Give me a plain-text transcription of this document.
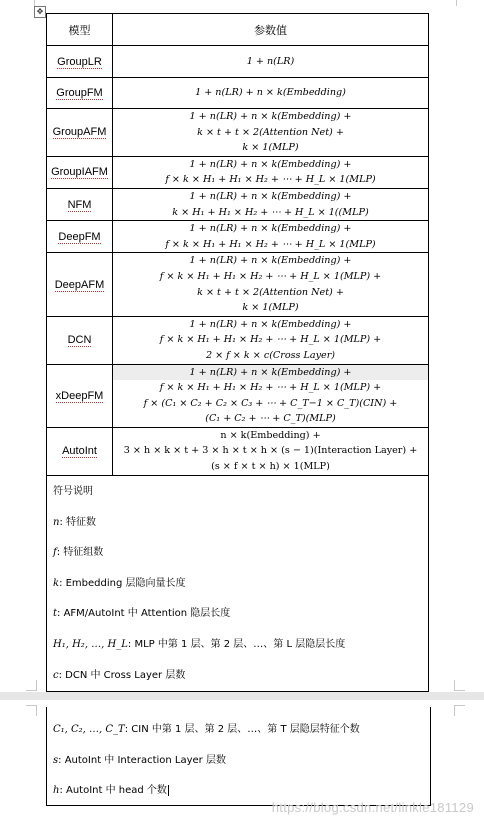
✥
模型	参数值
GroupLR	1 + n(LR)

GroupFM	1 + n(LR) + n × k(Embedding)

GroupAFM	1 + n(LR) + n × k(Embedding) +
k × t + t × 2(Attention Net) +
k × 1(MLP)

GroupIAFM	1 + n(LR) + n × k(Embedding) +
f × k × H₁ + H₁ × H₂ + ⋯ + H_L × 1(MLP)

NFM	1 + n(LR) + n × k(Embedding) +
k × H₁ + H₁ × H₂ + ⋯ + H_L × 1((MLP)

DeepFM	1 + n(LR) + n × k(Embedding) +
f × k × H₁ + H₁ × H₂ + ⋯ + H_L × 1(MLP)

DeepAFM	1 + n(LR) + n × k(Embedding) +
f × k × H₁ + H₁ × H₂ + ⋯ + H_L × 1(MLP) +
k × t + t × 2(Attention Net) +
k × 1(MLP)

DCN	1 + n(LR) + n × k(Embedding) +
f × k × H₁ + H₁ × H₂ + ⋯ + H_L × 1(MLP) +
2 × f × k × c(Cross Layer)

xDeepFM	1 + n(LR) + n × k(Embedding) +
f × k × H₁ + H₁ × H₂ + ⋯ + H_L × 1(MLP) +
f × (C₁ × C₂ + C₂ × C₃ + ⋯ + C_T−1 × C_T)(CIN) +
(C₁ + C₂ + ⋯ + C_T)(MLP)

AutoInt	n × k(Embedding) +
3 × h × k × t + 3 × h × t × h × (s − 1)(Interaction Layer) +
(s × f × t × h) × 1(MLP)

符号说明
n: 特征数
f: 特征组数
k: Embedding 层隐向量长度
t: AFM/AutoInt 中 Attention 隐层长度
H₁, H₂, …, H_L: MLP 中第 1 层、第 2 层、…、第 L 层隐层长度
c: DCN 中 Cross Layer 层数
C₁, C₂, …, C_T: CIN 中第 1 层、第 2 层、…、第 T 层隐层特征个数
s: AutoInt 中 Interaction Layer 层数
h: AutoInt 中 head 个数
https://blog.csdn.net/linkle181129
